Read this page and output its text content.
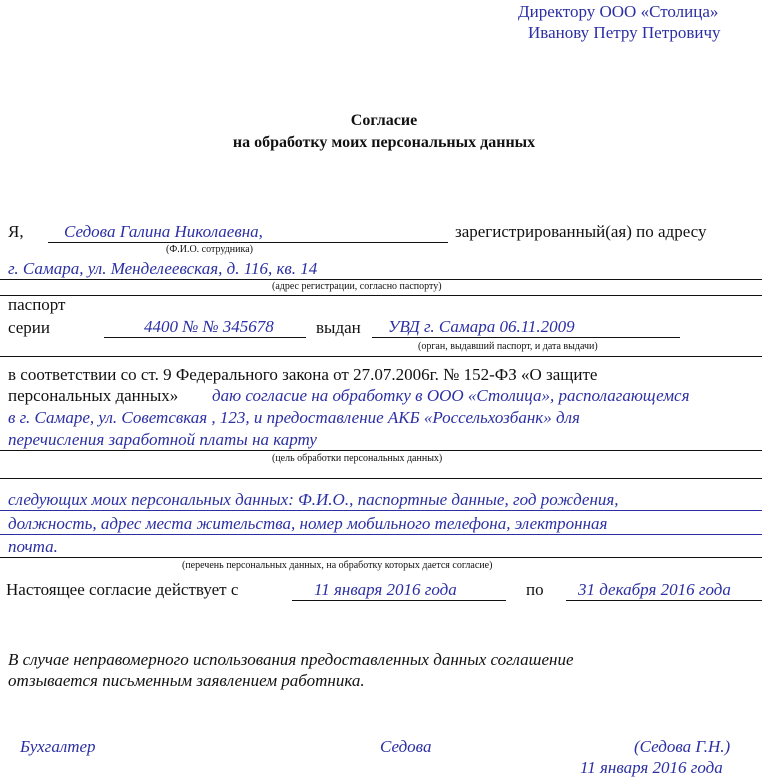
Директору ООО «Столица»
Иванову Петру Петровичу
Согласие
на обработку моих персональных данных
Я, Седова Галина Николаевна,	зарегистрированный(ая) по адресу
(Ф.И.О. сотрудника)
г. Самара, ул. Менделеевская, д. 116, кв. 14
(адрес регистрации, согласно паспорту)
паспорт
серии	4400 № № 345678 выдан УВД г. Самара 06.11.2009
(орган, выдавший паспорт, и дата выдачи)
в соответствии со ст. 9 Федерального закона от 27.07.2006г. № 152-ФЗ «О защите
персональных данных» даю согласие на обработку в ООО «Столица», располагающемся
в г. Самаре, ул. Советсвкая , 123, и предоставление АКБ «Россельхозбанк» для
перечисления заработной платы на карту
(цель обработки персональных данных)
следующих моих персональных данных: Ф.И.О., паспортные данные, год рождения,
должность, адрес места жительства, номер мобильного телефона, электронная
почта.
(перечень персональных данных, на обработку которых дается согласие)
Настоящее согласие действует с	11 января 2016 года	по 31 декабря 2016 года
В случае неправомерного использования предоставленных данных соглашение
отзывается письменным заявлением работника.
Бухгалтер	Седова	(Седова Г.Н.)
11 января 2016 года
